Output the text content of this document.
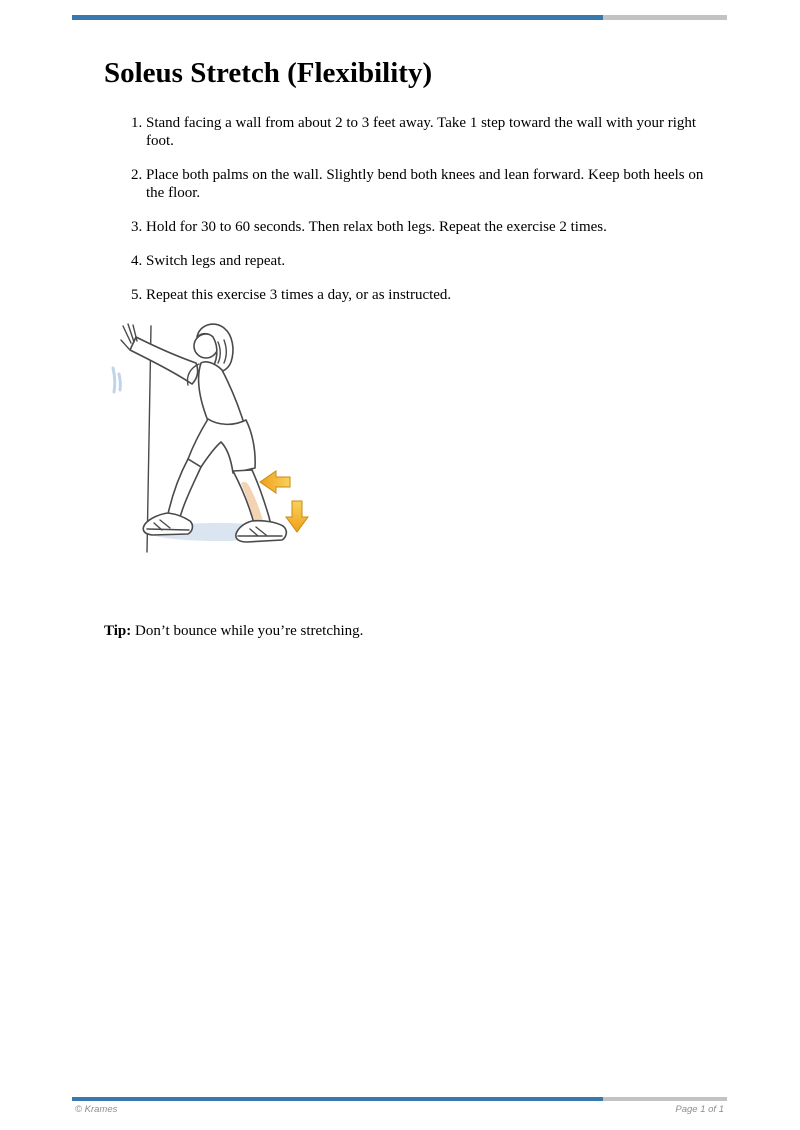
Soleus Stretch (Flexibility)
1. Stand facing a wall from about 2 to 3 feet away. Take 1 step toward the wall with your right foot.
2. Place both palms on the wall. Slightly bend both knees and lean forward. Keep both heels on the floor.
3. Hold for 30 to 60 seconds. Then relax both legs. Repeat the exercise 2 times.
4. Switch legs and repeat.
5. Repeat this exercise 3 times a day, or as instructed.

Tip: Don’t bounce while you’re stretching.

© Krames	Page 1 of 1
